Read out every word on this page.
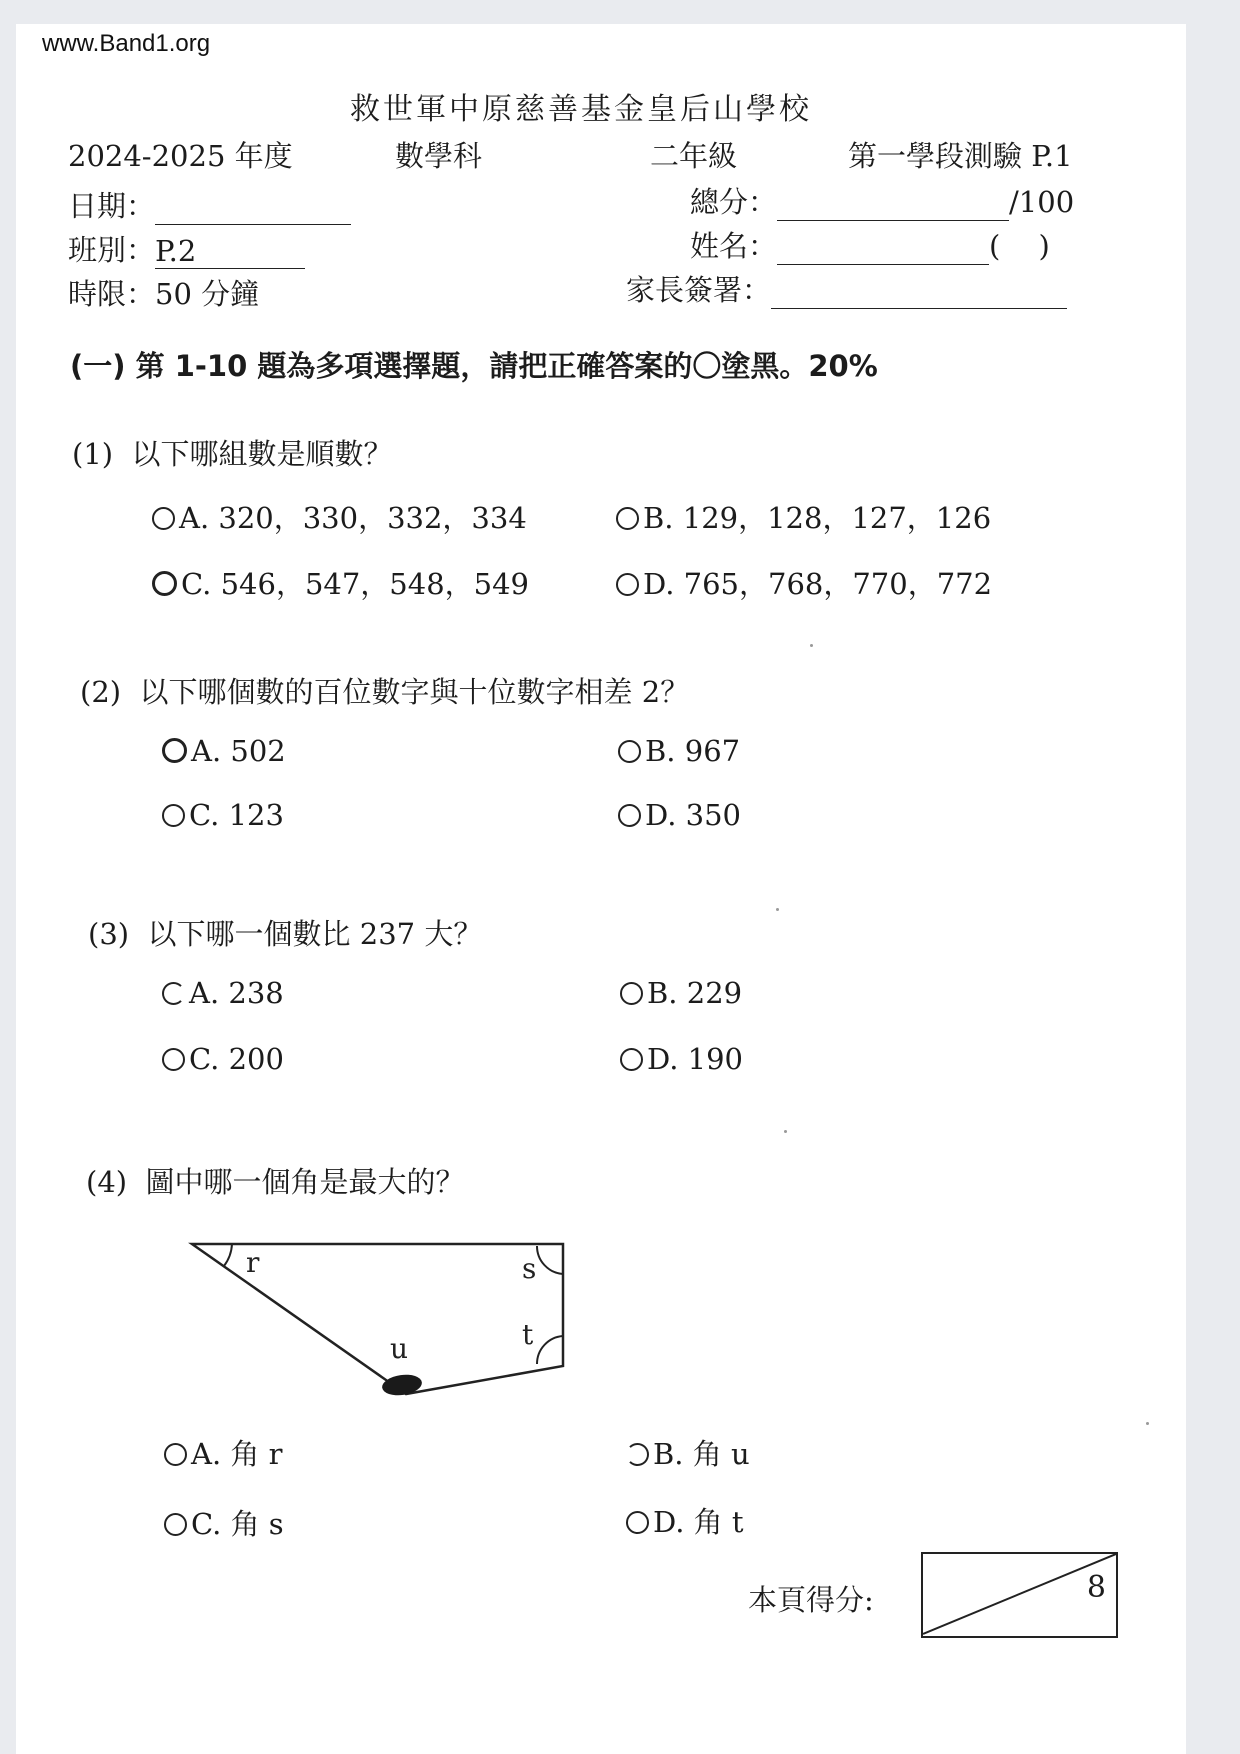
www.Band1.org
救世軍中原慈善基金皇后山學校
2024-2025 年度	數學科	二年級	第一學段測驗 P.1
日期：	總分：	/100
班別：P.2	姓名：	(　 )
時限：50 分鐘	家長簽署：
(一) 第 1-10 題為多項選擇題，請把正確答案的〇塗黑。20%
(1) 以下哪組數是順數？
A. 320，330，332，334	B. 129，128，127，126
C. 546，547，548，549	D. 765，768，770，772
(2) 以下哪個數的百位數字與十位數字相差 2？
A. 502	B. 967
C. 123	D. 350
(3) 以下哪一個數比 237 大？
A. 238	B. 229
C. 200	D. 190
(4) 圖中哪一個角是最大的？
r	s
u	t
A. 角 r	B. 角 u
C. 角 s	D. 角 t
本頁得分:	8
